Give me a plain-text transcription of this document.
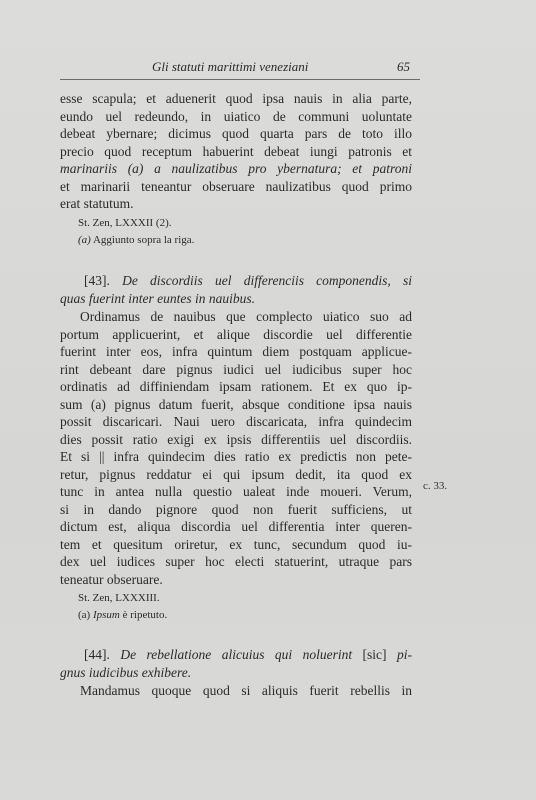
Gli statuti marittimi veneziani	65
esse scapula; et aduenerit quod ipsa nauis in alia parte,
eundo uel redeundo, in uiatico de communi uoluntate
debeat ybernare; dicimus quod quarta pars de toto illo
precio quod receptum habuerint debeat iungi patronis et
marinariis (a) a naulizatibus pro ybernatura; et patroni
et marinarii teneantur obseruare naulizatibus quod primo
erat statutum.
St. Zen, LXXXII (2).
(a) Aggiunto sopra la riga.
[43]. De discordiis uel differenciis componendis, si
quas fuerint inter euntes in nauibus.
Ordinamus de nauibus que complecto uiatico suo ad
portum applicuerint, et alique discordie uel differentie
fuerint inter eos, infra quintum diem postquam applicue-
rint debeant dare pignus iudici uel iudicibus super hoc
ordinatis ad diffiniendam ipsam rationem. Et ex quo ip-
sum (a) pignus datum fuerit, absque conditione ipsa nauis
possit discaricari. Naui uero discaricata, infra quindecim
dies possit ratio exigi ex ipsis differentiis uel discordiis.
Et si || infra quindecim dies ratio ex predictis non pete-
retur, pignus reddatur ei qui ipsum dedit, ita quod ex
tunc in antea nulla questio ualeat inde moueri. Verum,
si in dando pignore quod non fuerit sufficiens, ut
dictum est, aliqua discordia uel differentia inter queren-
tem et quesitum oriretur, ex tunc, secundum quod iu-
dex uel iudices super hoc electi statuerint, utraque pars
teneatur obseruare.
St. Zen, LXXXIII.
(a) Ipsum è ripetuto.
c. 33.
[44]. De rebellatione alicuius qui noluerint [sic] pi-
gnus iudicibus exhibere.
Mandamus quoque quod si aliquis fuerit rebellis in
